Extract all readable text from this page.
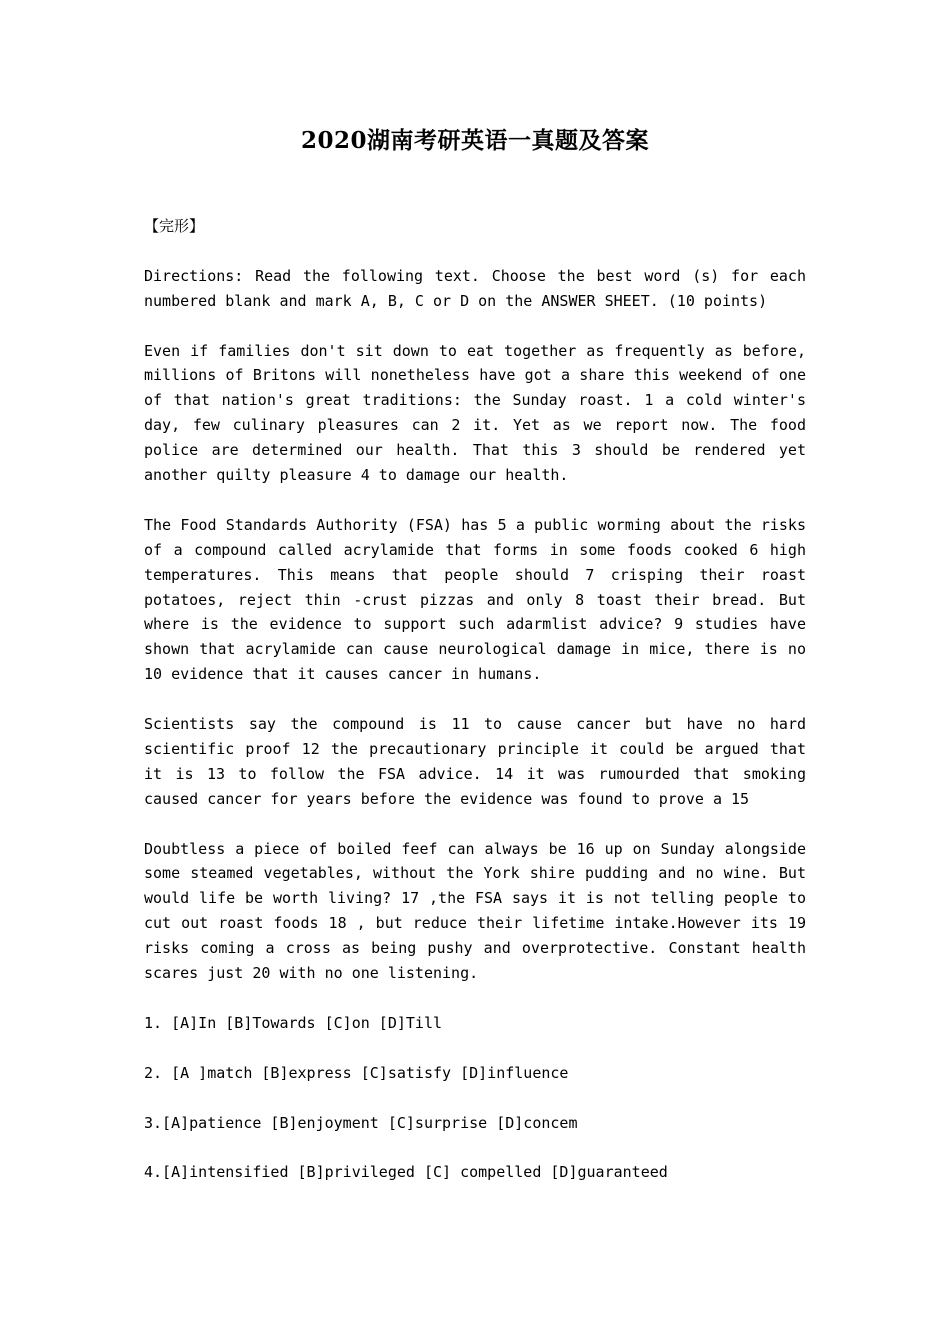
2020湖南考研英语一真题及答案

【完形】

Directions: Read the following text. Choose the best word (s) for each numbered blank and mark A, B, C or D on the ANSWER SHEET. (10 points)

Even if families don't sit down to eat together as frequently as before, millions of Britons will nonetheless have got a share this weekend of one of that nation's great traditions: the Sunday roast. 1 a cold winter's day, few culinary pleasures can 2 it. Yet as we report now. The food police are determined our health. That this 3 should be rendered yet another quilty pleasure 4 to damage our health.

The Food Standards Authority (FSA) has 5 a public worming about the risks of a compound called acrylamide that forms in some foods cooked 6 high temperatures. This means that people should 7 crisping their roast potatoes, reject thin -crust pizzas and only 8 toast their bread. But where is the evidence to support such adarmlist advice? 9 studies have shown that acrylamide can cause neurological damage in mice, there is no 10 evidence that it causes cancer in humans.

Scientists say the compound is 11 to cause cancer but have no hard scientific proof 12 the precautionary principle it could be argued that it is 13 to follow the FSA advice. 14 it was rumourded that smoking caused cancer for years before the evidence was found to prove a 15

Doubtless a piece of boiled feef can always be 16 up on Sunday alongside some steamed vegetables, without the York shire pudding and no wine. But would life be worth living? 17 ,the FSA says it is not telling people to cut out roast foods 18 , but reduce their lifetime intake.However its 19 risks coming a cross as being pushy and overprotective. Constant health scares just 20 with no one listening.

1. [A]In [B]Towards [C]on [D]Till

2. [A ]match [B]express [C]satisfy [D]influence

3.[A]patience [B]enjoyment [C]surprise [D]concem

4.[A]intensified [B]privileged [C] compelled [D]guaranteed
